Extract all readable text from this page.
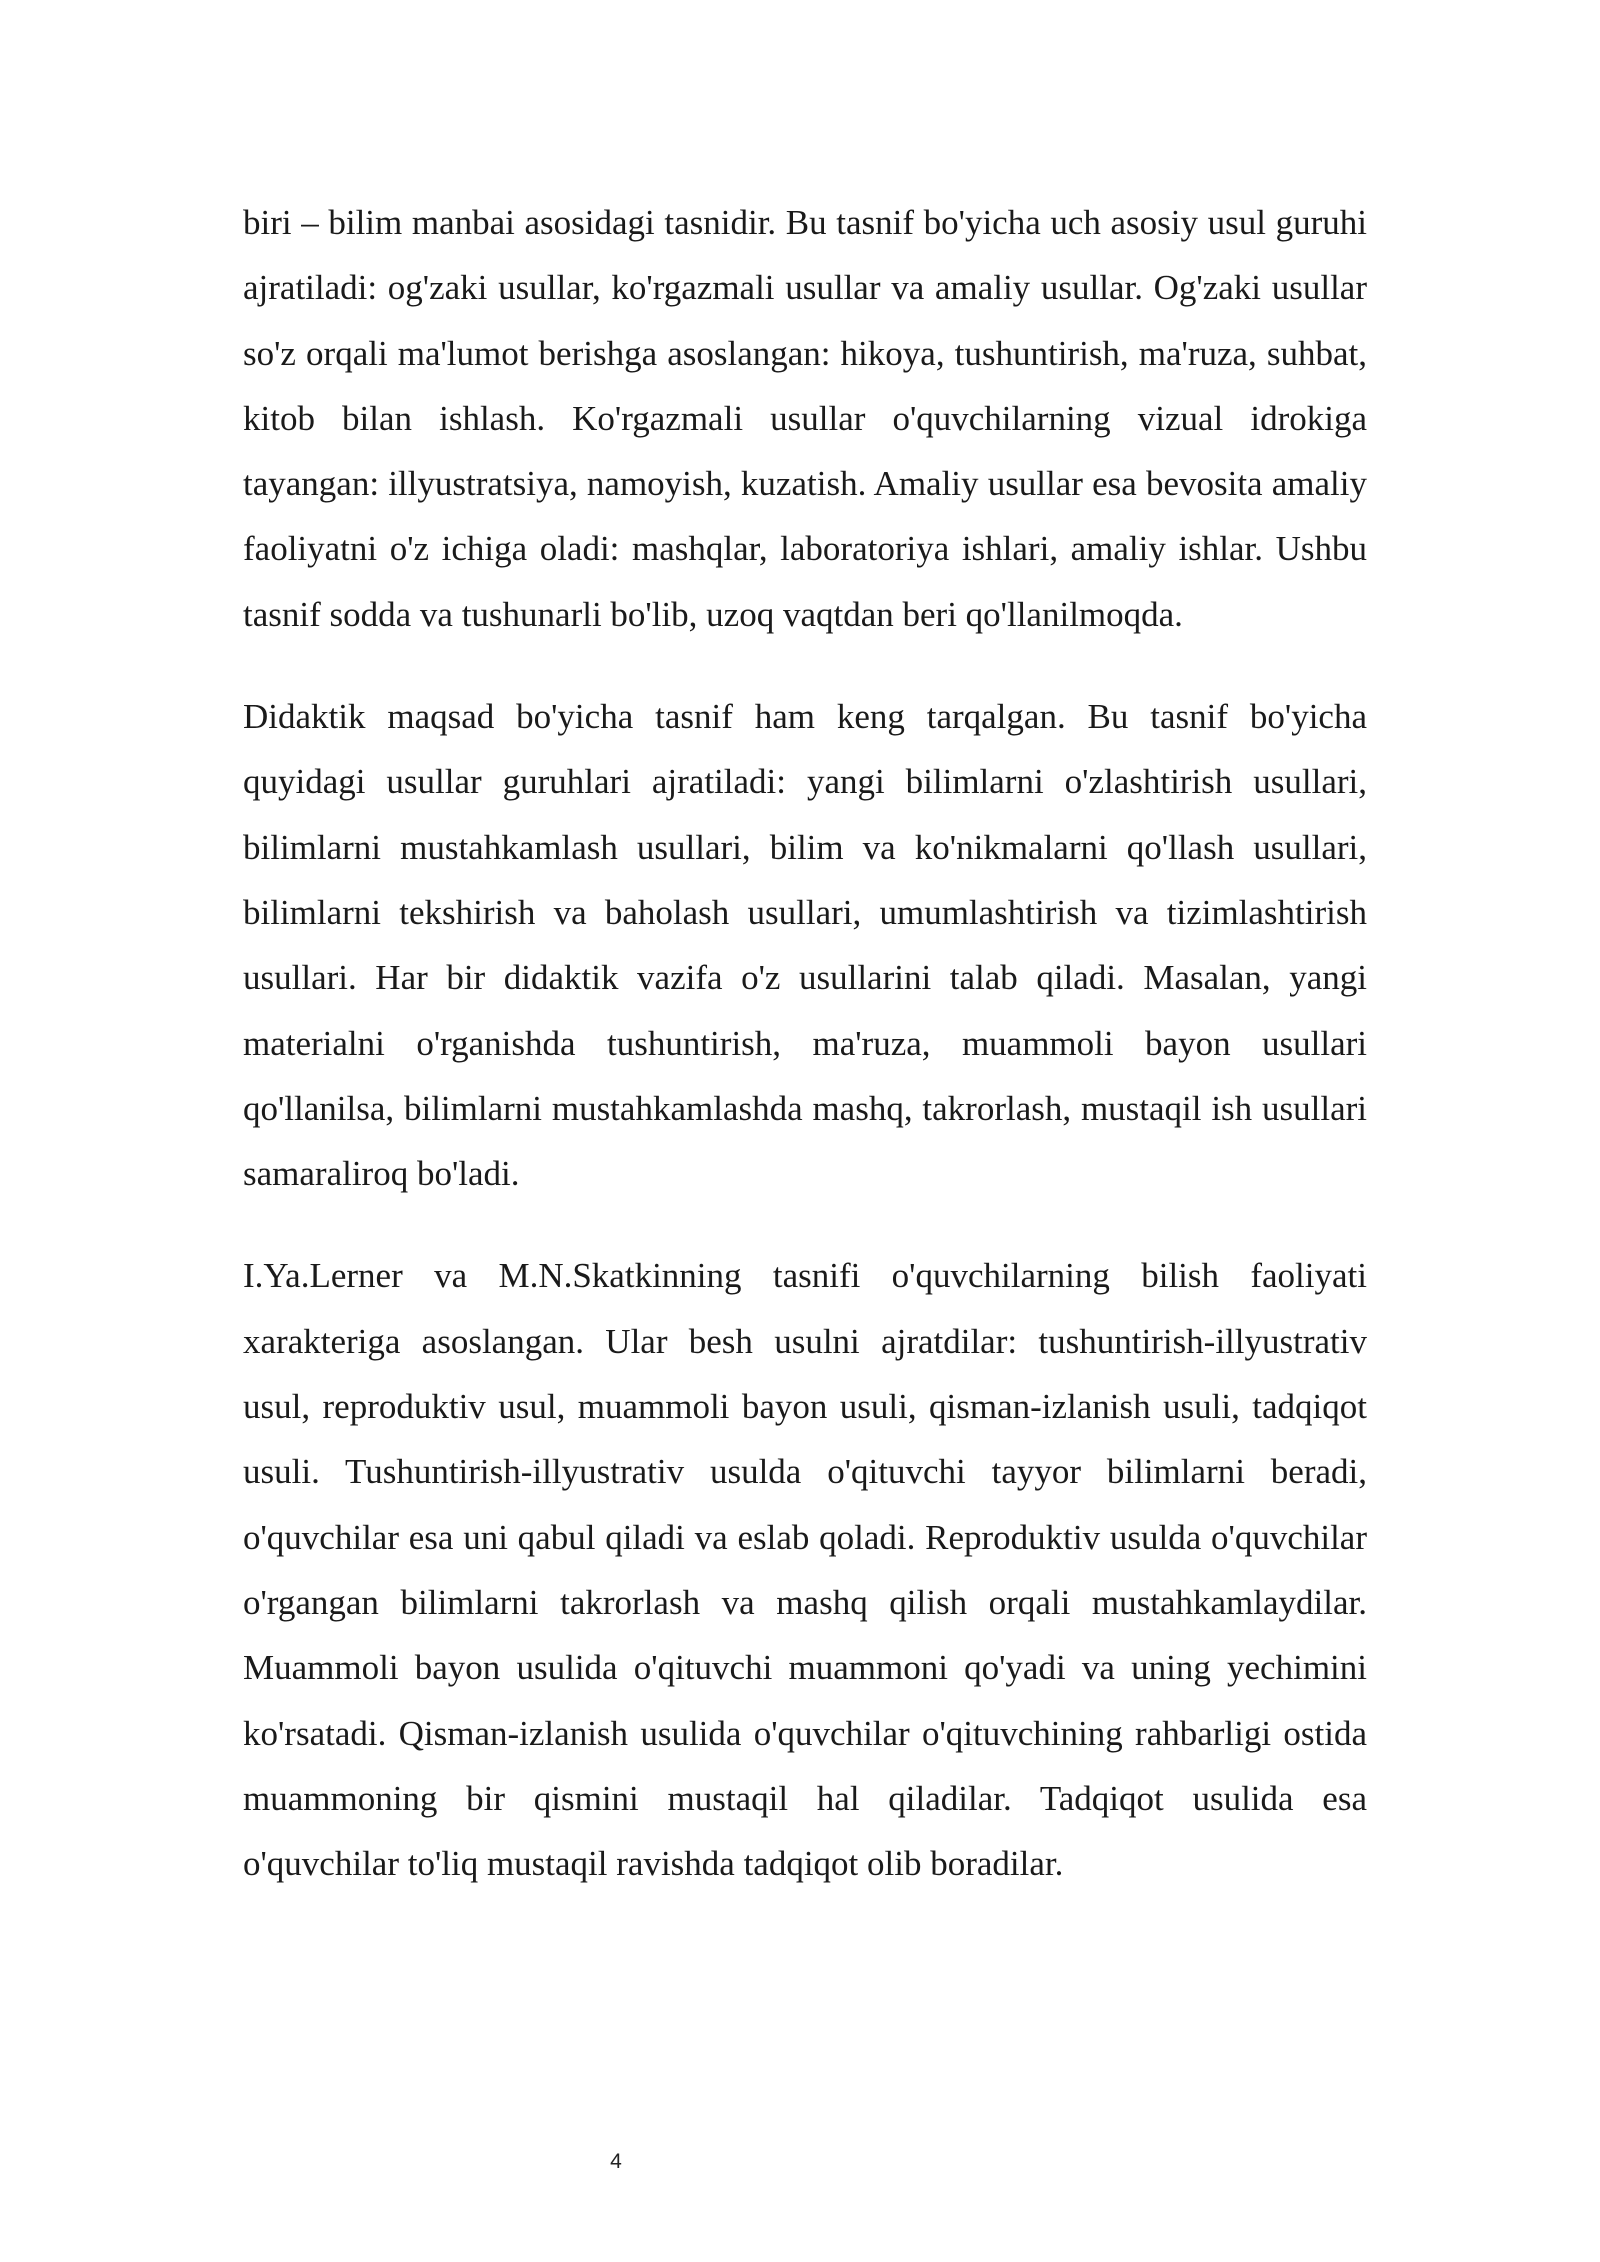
biri – bilim manbai asosidagi tasnidir. Bu tasnif bo'yicha uch asosiy usul guruhi ajratiladi: og'zaki usullar, ko'rgazmali usullar va amaliy usullar. Og'zaki usullar so'z orqali ma'lumot berishga asoslangan: hikoya, tushuntirish, ma'ruza, suhbat, kitob bilan ishlash. Ko'rgazmali usullar o'quvchilarning vizual idrokiga tayangan: illyustratsiya, namoyish, kuzatish. Amaliy usullar esa bevosita amaliy faoliyatni o'z ichiga oladi: mashqlar, laboratoriya ishlari, amaliy ishlar. Ushbu tasnif sodda va tushunarli bo'lib, uzoq vaqtdan beri qo'llanilmoqda.

Didaktik maqsad bo'yicha tasnif ham keng tarqalgan. Bu tasnif bo'yicha quyidagi usullar guruhlari ajratiladi: yangi bilimlarni o'zlashtirish usullari, bilimlarni mustahkamlash usullari, bilim va ko'nikmalarni qo'llash usullari, bilimlarni tekshirish va baholash usullari, umumlashtirish va tizimlashtirish usullari. Har bir didaktik vazifa o'z usullarini talab qiladi. Masalan, yangi materialni o'rganishda tushuntirish, ma'ruza, muammoli bayon usullari qo'llanilsa, bilimlarni mustahkamlashda mashq, takrorlash, mustaqil ish usullari samaraliroq bo'ladi.

I.Ya.Lerner va M.N.Skatkinning tasnifi o'quvchilarning bilish faoliyati xarakteriga asoslangan. Ular besh usulni ajratdilar: tushuntirish-illyustrativ usul, reproduktiv usul, muammoli bayon usuli, qisman-izlanish usuli, tadqiqot usuli. Tushuntirish-illyustrativ usulda o'qituvchi tayyor bilimlarni beradi, o'quvchilar esa uni qabul qiladi va eslab qoladi. Reproduktiv usulda o'quvchilar o'rgangan bilimlarni takrorlash va mashq qilish orqali mustahkamlaydilar. Muammoli bayon usulida o'qituvchi muammoni qo'yadi va uning yechimini ko'rsatadi. Qisman-izlanish usulida o'quvchilar o'qituvchining rahbarligi ostida muammoning bir qismini mustaqil hal qiladilar. Tadqiqot usulida esa o'quvchilar to'liq mustaqil ravishda tadqiqot olib boradilar.

4
